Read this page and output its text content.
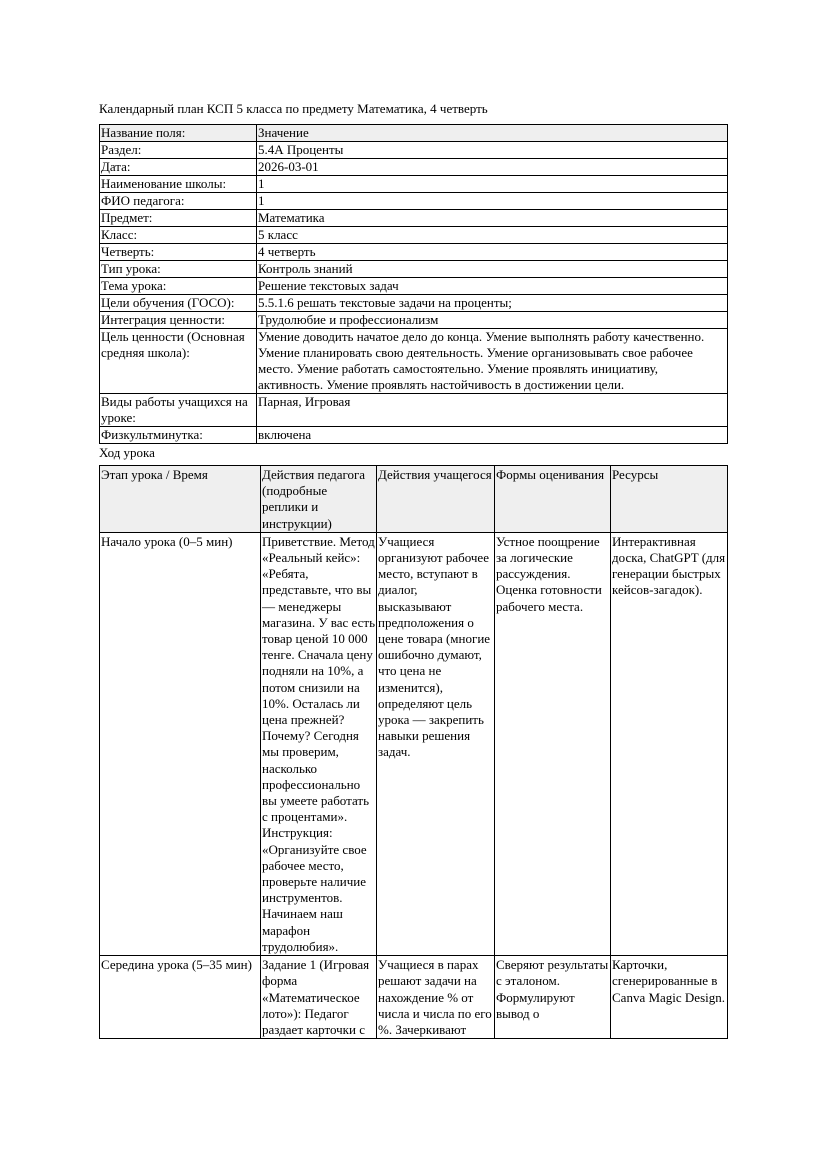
Календарный план КСП 5 класса по предмету Математика, 4 четверть
Название поля:	Значение
Раздел:	5.4А Проценты
Дата:	2026-03-01
Наименование школы:	1
ФИО педагога:	1
Предмет:	Математика
Класс:	5 класс
Четверть:	4 четверть
Тип урока:	Контроль знаний
Тема урока:	Решение текстовых задач
Цели обучения (ГОСО):	5.5.1.6 решать текстовые задачи на проценты;
Интеграция ценности:	Трудолюбие и профессионализм
Цель ценности (Основная средняя школа):	Умение доводить начатое дело до конца. Умение выполнять работу качественно. Умение планировать свою деятельность. Умение организовывать свое рабочее место. Умение работать самостоятельно. Умение проявлять инициативу, активность. Умение проявлять настойчивость в достижении цели.
Виды работы учащихся на уроке:	Парная, Игровая
Физкультминутка:	включена
Ход урока
Этап урока / Время	Действия педагога (подробные реплики и инструкции)	Действия учащегося	Формы оценивания	Ресурсы
Начало урока (0–5 мин)	Приветствие. Метод «Реальный кейс»: «Ребята, представьте, что вы — менеджеры магазина. У вас есть товар ценой 10 000 тенге. Сначала цену подняли на 10%, а потом снизили на 10%. Осталась ли цена прежней? Почему? Сегодня мы проверим, насколько профессионально вы умеете работать с процентами». Инструкция: «Организуйте свое рабочее место, проверьте наличие инструментов. Начинаем наш марафон трудолюбия».	Учащиеся организуют рабочее место, вступают в диалог, высказывают предположения о цене товара (многие ошибочно думают, что цена не изменится), определяют цель урока — закрепить навыки решения задач.	Устное поощрение за логические рассуждения. Оценка готовности рабочего места.	Интерактивная доска, ChatGPT (для генерации быстрых кейсов-загадок).
Середина урока (5–35 мин)	Задание 1 (Игровая форма «Математическое лото»): Педагог раздает карточки с	Учащиеся в парах решают задачи на нахождение % от числа и числа по его %. Зачеркивают	Сверяют результаты с эталоном. Формулируют вывод о	Карточки, сгенерированные в Canva Magic Design.
